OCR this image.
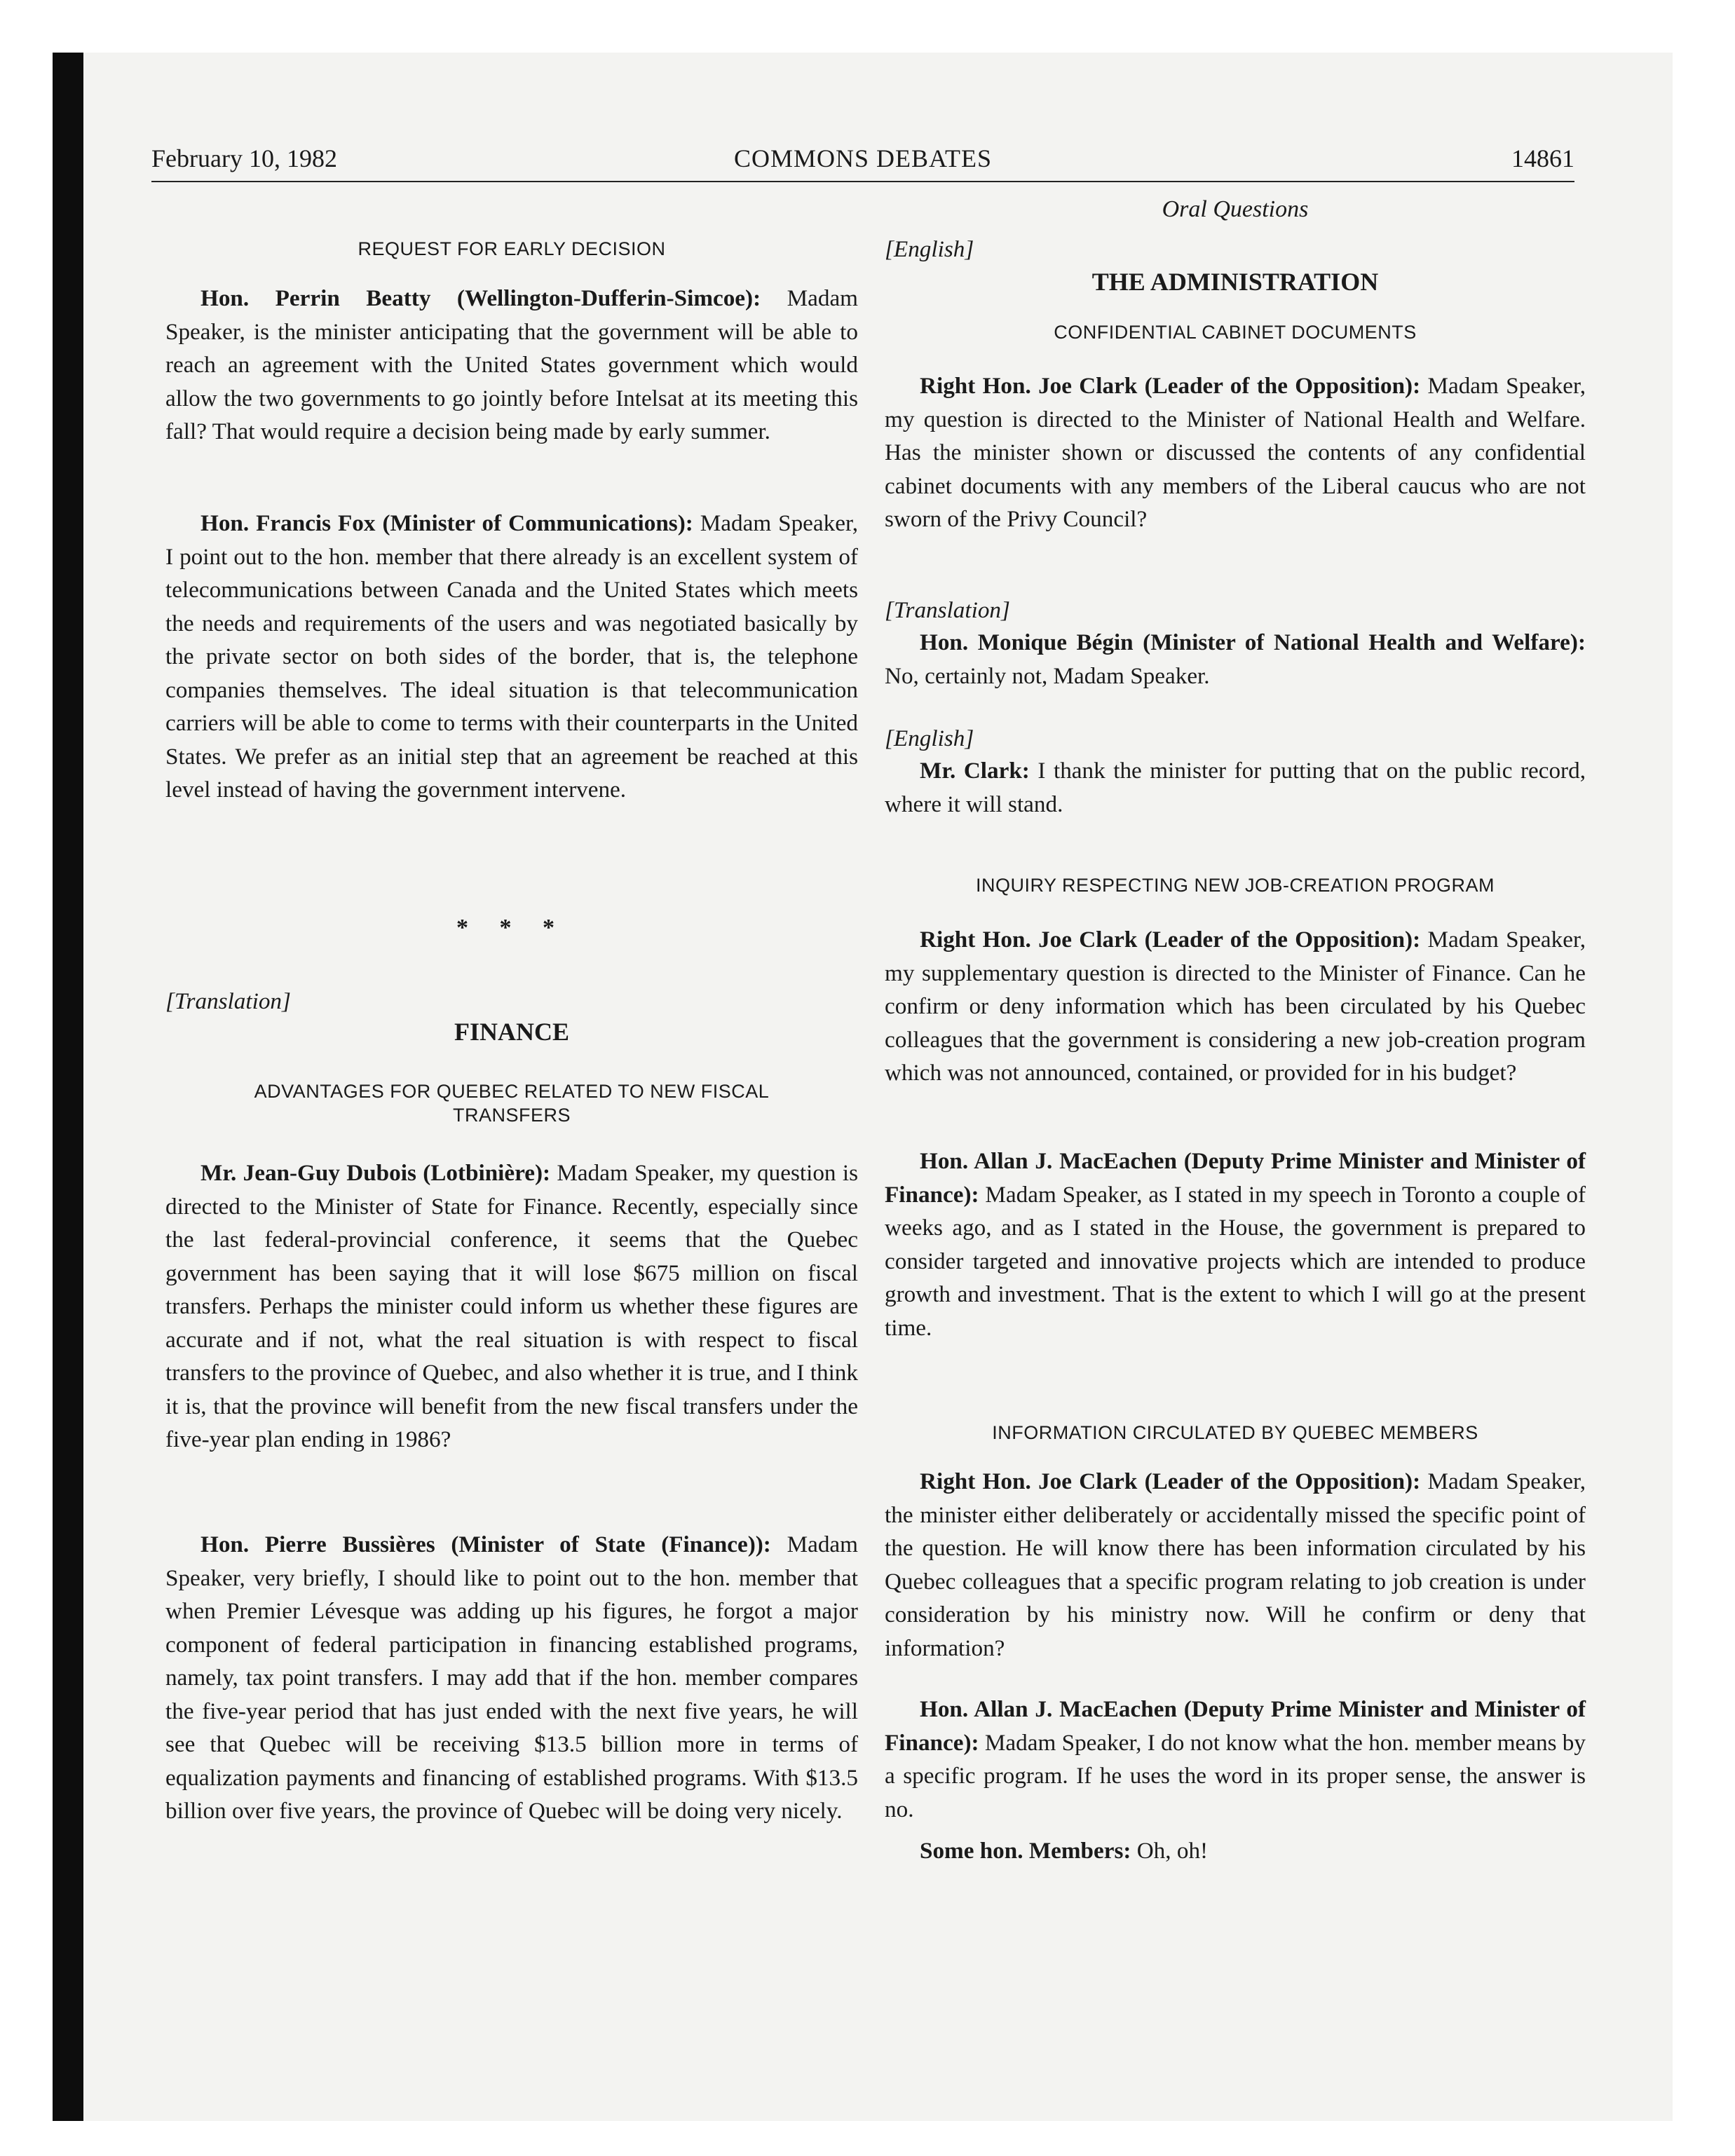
February 10, 1982	COMMONS DEBATES	14861
REQUEST FOR EARLY DECISION

Hon. Perrin Beatty (Wellington-Dufferin-Simcoe): Madam Speaker, is the minister anticipating that the government will be able to reach an agreement with the United States government which would allow the two governments to go jointly before Intelsat at its meeting this fall? That would require a decision being made by early summer.

Hon. Francis Fox (Minister of Communications): Madam Speaker, I point out to the hon. member that there already is an excellent system of telecommunications between Canada and the United States which meets the needs and requirements of the users and was negotiated basically by the private sector on both sides of the border, that is, the telephone companies themselves. The ideal situation is that telecommunication carriers will be able to come to terms with their counterparts in the United States. We prefer as an initial step that an agreement be reached at this level instead of having the government intervene.

* * *
[Translation]
FINANCE
ADVANTAGES FOR QUEBEC RELATED TO NEW FISCAL TRANSFERS

Mr. Jean-Guy Dubois (Lotbinière): Madam Speaker, my question is directed to the Minister of State for Finance. Recently, especially since the last federal-provincial conference, it seems that the Quebec government has been saying that it will lose $675 million on fiscal transfers. Perhaps the minister could inform us whether these figures are accurate and if not, what the real situation is with respect to fiscal transfers to the province of Quebec, and also whether it is true, and I think it is, that the province will benefit from the new fiscal transfers under the five-year plan ending in 1986?

Hon. Pierre Bussières (Minister of State (Finance)): Madam Speaker, very briefly, I should like to point out to the hon. member that when Premier Lévesque was adding up his figures, he forgot a major component of federal participation in financing established programs, namely, tax point transfers. I may add that if the hon. member compares the five-year period that has just ended with the next five years, he will see that Quebec will be receiving $13.5 billion more in terms of equalization payments and financing of established programs. With $13.5 billion over five years, the province of Quebec will be doing very nicely.

Oral Questions
[English]
THE ADMINISTRATION
CONFIDENTIAL CABINET DOCUMENTS

Right Hon. Joe Clark (Leader of the Opposition): Madam Speaker, my question is directed to the Minister of National Health and Welfare. Has the minister shown or discussed the contents of any confidential cabinet documents with any members of the Liberal caucus who are not sworn of the Privy Council?

[Translation]

Hon. Monique Bégin (Minister of National Health and Welfare): No, certainly not, Madam Speaker.

[English]

Mr. Clark: I thank the minister for putting that on the public record, where it will stand.

INQUIRY RESPECTING NEW JOB-CREATION PROGRAM

Right Hon. Joe Clark (Leader of the Opposition): Madam Speaker, my supplementary question is directed to the Minister of Finance. Can he confirm or deny information which has been circulated by his Quebec colleagues that the government is considering a new job-creation program which was not announced, contained, or provided for in his budget?

Hon. Allan J. MacEachen (Deputy Prime Minister and Minister of Finance): Madam Speaker, as I stated in my speech in Toronto a couple of weeks ago, and as I stated in the House, the government is prepared to consider targeted and innovative projects which are intended to produce growth and investment. That is the extent to which I will go at the present time.

INFORMATION CIRCULATED BY QUEBEC MEMBERS

Right Hon. Joe Clark (Leader of the Opposition): Madam Speaker, the minister either deliberately or accidentally missed the specific point of the question. He will know there has been information circulated by his Quebec colleagues that a specific program relating to job creation is under consideration by his ministry now. Will he confirm or deny that information?

Hon. Allan J. MacEachen (Deputy Prime Minister and Minister of Finance): Madam Speaker, I do not know what the hon. member means by a specific program. If he uses the word in its proper sense, the answer is no.

Some hon. Members: Oh, oh!
